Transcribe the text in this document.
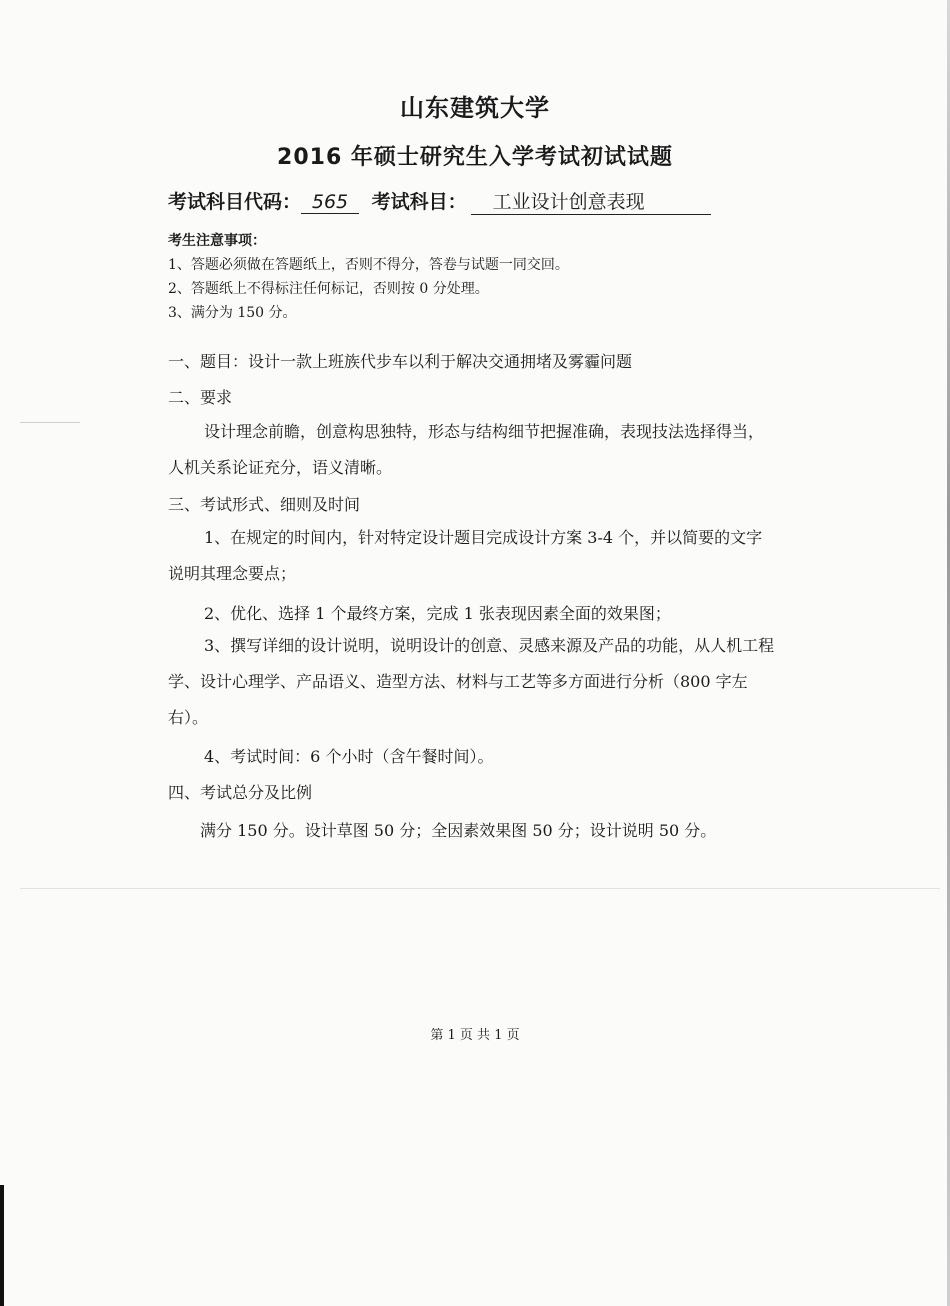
山东建筑大学
2016 年硕士研究生入学考试初试试题
考试科目代码： 565 考试科目： 工业设计创意表现
考生注意事项：
1、答题必须做在答题纸上，否则不得分，答卷与试题一同交回。
2、答题纸上不得标注任何标记，否则按 0 分处理。
3、满分为 150 分。
一、题目：设计一款上班族代步车以利于解决交通拥堵及雾霾问题
二、要求
设计理念前瞻，创意构思独特，形态与结构细节把握准确，表现技法选择得当，人机关系论证充分，语义清晰。
三、考试形式、细则及时间
1、在规定的时间内，针对特定设计题目完成设计方案 3-4 个，并以简要的文字说明其理念要点；
2、优化、选择 1 个最终方案，完成 1 张表现因素全面的效果图；
3、撰写详细的设计说明，说明设计的创意、灵感来源及产品的功能，从人机工程学、设计心理学、产品语义、造型方法、材料与工艺等多方面进行分析（800 字左右）。
4、考试时间：6 个小时（含午餐时间）。
四、考试总分及比例
满分 150 分。设计草图 50 分；全因素效果图 50 分；设计说明 50 分。
第 1 页 共 1 页
